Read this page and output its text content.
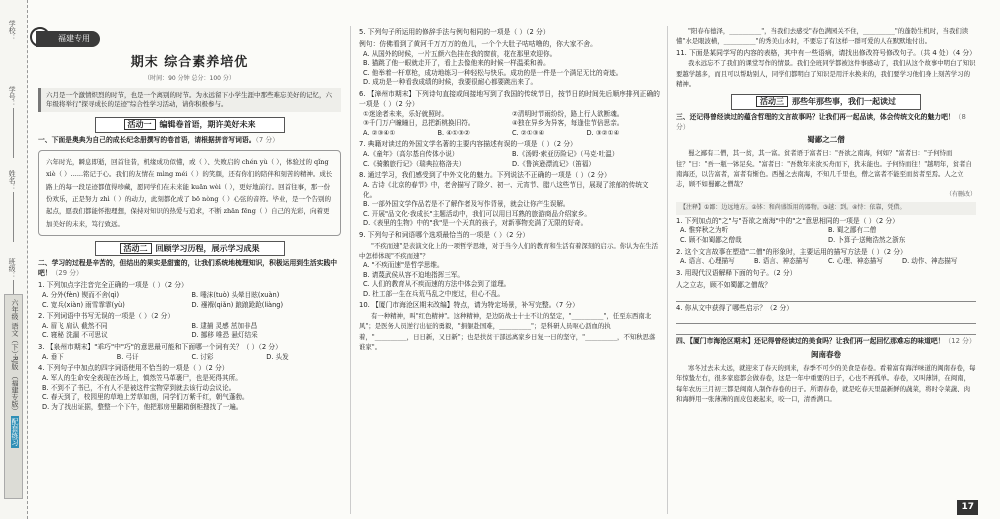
学号：
姓名：
班级：
学校：
六年级 语文（下）·RJ版 （福建专版） 配套练习
福建专用
期末 综合素养培优
（时间：90 分钟 总分：100 分）
六月是一个激情炽烈的时节，也是一个离别的时节。为永远留下小学生涯中那些难忘美好的记忆，六年级将举行"探寻成长的足迹"综合性学习活动，请你积极参与。
活动一 编辑卷首语，期许美好未来
一、下面是奥典为自己的成长纪念册撰写的卷首语，请根据拼音写词语。（7 分）
六年时光，瞬息即逝，回首往昔，机缘成功似懂，或（ ）、失败启的 chén yù（ ），体验过的 qǐng xiè（ ）......铭记于心。我们的友情在 mìng méi（ ）的笑颜，还有你们的陪伴和刻苦的精神。成长路上的每一段足迹都值得珍藏，愿同学们在未来能 kuān wèi（ ），更好地前行。回首往事，那一份份欢乐，正是努力 zhì（ ）的动力，此刻都化成了 bō nòng（ ）心弦的音符。毕业，是一个告别的起点，愿我们都能怀抱理想，保持对知识的热爱与追求，不断 zhān fēng（ ）自己的光彩，向着更加美好的未来，笃行致远。
活动二 回顾学习历程，展示学习成果
二、学习的过程是辛苦的，但结出的果实是甜蜜的，让我们系统地梳理知识，积极运用到生活实践中吧！（29 分）
1. 下列加点字注音完全正确的一项是（ ）（2 分）
A. 分外(fèn) 锲而不舍(qì)	B. 唾沫(tuò) 头晕目眩(xuàn)
C. 宽兵(xiàn) 雨雪霏霏(yù)	D. 襁褓(qiǎn) 踉踉跄跄(liàng)
2. 下列词语中书写无误的一项是（ ）（2 分）
A. 眉飞 肩认 截然不同	B. 逮捕 灵感 茁加非昌
C. 寝秘 洗漏 不可思议	D. 挪移 唯恐 悬灯结采
3. 【泉州市期末】"乖巧"中"巧"的意思最可能和下面哪一个词有关？（ ）（2 分）
A. 垂下	B. 弓讦	C. 讨彩	D. 头发
4. 下列句子中加点的四字词语使用不恰当的一项是（ ）（2 分）
A. 军人的生命安全表现在沙场上，慎然笠马革裹尸，也是死得其所。
B. 不到不了书已，不有人不是被这件宝物穿到就去该行动会议论。
C. 春天到了，校园里的草地上芳草如茵，同学们万紫千红，朝气蓬勃。
D. 为了找出证据，整整一个下午，他把那房里翻箱倒柜搜找了一遍。
5. 下列句子所运用的修辞手法与例句相同的一项是（ ）（2 分）
例句：仿佛看到了黄河千万万万的鱼儿，一个个大肚子咕咕噜的，你大家不舍。
A. 从国外的时候，一片五颜六色挂在我的窗前，花在那里欢迎你。
B. 猫跳了他一眼就走开了，看上去像他来的时候一样温柔和善。
C. 他举着一杆草枪，成功地练习一种轻松与快乐。成功的是一件是一个满足无比的奇迹。
D. 成功是一种看我成绩的时候，我要很耐心都要跳出来了。
6. 【漳州市期末】下列诗句直接或间接地写到了我国的传统节日，按节日的时间先后顺序排列正确的一项是（ ）（2 分）
①迷途者未来，乐好就照时。	②清明时节雨纷纷，路上行人欲断魂。
③千门万户瞳瞳日，总把新桃换旧符。	④独在异乡为异客，每逢佳节倍思亲。
A. ②③④①	B. ④①③②	C. ②①③④	D. ③②①④
7. 典籍对读过的外国文学名著的主要内容描述有误的一项是（ ）（2 分）
A.《童年》（高尔基自传体小说）	B.《汤姆·索亚历险记》（马克·吐温）
C.《骑鹅旅行记》（瑞典拉格洛夫）	D.《鲁滨逊漂流记》（笛福）
8. 通过学习，我们感受到了中外文化的魅力。下列说法不正确的一项是（ ）（2 分）
A. 古诗《北京的春节》中，老舍描写了除夕、初一、元宵节、腊八这些节日，展现了浓郁的传统文化。
B. 一部外国文学作品若是不了解作者及写作背景，就会让你产生误解。
C. 开展"品文化·我成长"主题活动中，我们可以用目耳熟的旅游商品介绍家乡。
D.《表里的生物》中的"我"是一个天真的孩子，对新事物充满了无限的好奇。
9. 下列句子和词语哪个选项最恰当的一项是（ ）（2 分）
"不疾而速"是表演文化上的一项哲学思维，对于当今人们的教育和生活有着深刻的启示。你认为在生活中怎样体现"不疾而速"？
A. "不疾而速"是哲学思维。
B. 请蔑武侯从容不迫地指挥三军。
C. 人们的教育从不疾而速的方法中体会到了道理。
D. 杜工部一生在兵荒马乱之中度过，但心不乱。
10. 【厦门市海沧区期末改编】特点，请为特定场景，补写完整。（7 分）
有一种精神，叫"红色精神"。这种精神，是边防战士十士不让的坚定，"__________"，任至东西南北风"；是医务人员逆行出征的勇毅，"捐躯赴国难，__________"；是科研人员呕心沥血的执着，"__________，日日新，又日新"；也是扶贫干部远离家乡日复一日的坚守，"__________，不知秋思落谁家"。
"阳春布德泽，__________"，当我们去感受"春色满园关不住，__________"的蓬勃生机时，当我们读懂"水是眼波横，__________"的秀美山水时，不要忘了有这样一群可爱的人在默默地付出。
11. 下面是某同学写的内容的表格，其中有一些语病，请找出修改符号修改句子。（共 4 处）（4 分）
我永远忘不了我们的课堂写作的情景。我们全班同学都被这件事感动了，我们从这个故事中明白了知识要越学越多，而且可以帮助别人，同学们都明白了知识是用汗水换来的，我们要学习他们身上刻苦学习的精神。
活动三 那些年那些事，我们一起读过
三、还记得曾经读过的蕴含哲理的文言故事吗？让我们再一起品读，体会传统文化的魅力吧！（8 分）
蜀鄙之二僧
蜀之鄙有二僧，其一贫，其一富。贫者语于富者曰："吾欲之南海，何如？"富者曰："子何恃而往？"曰："吾一瓶一钵足矣。"富者曰："吾数年来欲买舟而下，犹未能也。子何恃而往！"越明年，贫者自南海还，以告富者，富者有惭色。西蜀之去南海，不知几千里也，僧之富者不能至而贫者至焉。人之立志，顾不如蜀鄙之僧哉？
（有删改）
【注释】①鄙：边远地方。②钵：和尚盛饭用的器物。③越：到。④恃：依靠，凭借。
1. 下列加点的"之"与"吾欲之南海"中的"之"意思相同的一项是（ ）（2 分）
A. 惟弈秋之为听	B. 蜀之鄙有二僧
C. 顾不如蜀鄙之僧哉	D. 卜算子·送鲍浩然之浙东
2. 这个文言故事在塑造"二僧"的形象时，主要运用的描写方法是（ ）（2 分）
A. 语言、心理描写	B. 语言、神态描写	C. 心理、神态描写	D. 动作、神态描写
3. 用现代汉语解释下面的句子。（2 分）
人之立志，顾不如蜀鄙之僧哉？
4. 你从文中获得了哪些启示？（2 分）
四、【厦门市海沧区期末】还记得曾经读过的美食吗？让我们再一起回忆那难忘的味道吧！（12 分）
闽南春卷
寒冬过去未太远，就迎来了春天的到来，春季不可少的美食是春卷。看着富有海洋味道的闽南春卷，每年惊蛰左右，很多家庭都会做春卷，这是一年中重要的日子，心也不再孤单。春卷，又叫薄饼，在闽南，每年农历三月初三都是闽南人制作春卷的日子。所谓春卷，就是吃春天里最新鲜的蔬菜，将时令菜蔬、肉和海鲜用一张薄薄的面皮包裹起来，咬一口，清香满口。
17
